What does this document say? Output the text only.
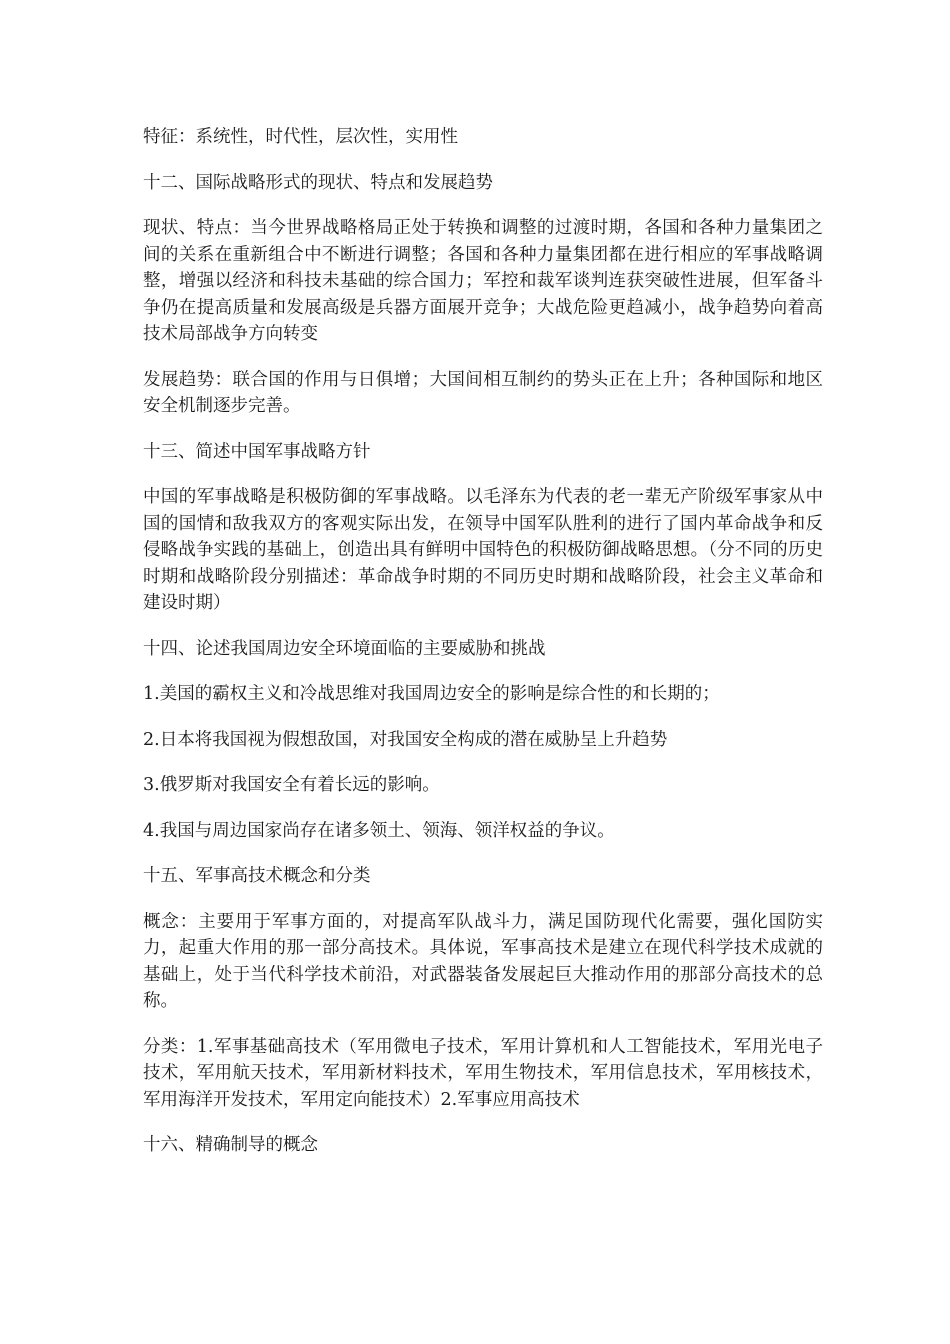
特征：系统性，时代性，层次性，实用性

十二、国际战略形式的现状、特点和发展趋势

现状、特点：当今世界战略格局正处于转换和调整的过渡时期，各国和各种力量集团之间的关系在重新组合中不断进行调整；各国和各种力量集团都在进行相应的军事战略调整，增强以经济和科技未基础的综合国力；军控和裁军谈判连获突破性进展，但军备斗争仍在提高质量和发展高级是兵器方面展开竞争；大战危险更趋减小，战争趋势向着高技术局部战争方向转变

发展趋势：联合国的作用与日俱增；大国间相互制约的势头正在上升；各种国际和地区安全机制逐步完善。

十三、简述中国军事战略方针

中国的军事战略是积极防御的军事战略。以毛泽东为代表的老一辈无产阶级军事家从中国的国情和敌我双方的客观实际出发，在领导中国军队胜利的进行了国内革命战争和反侵略战争实践的基础上，创造出具有鲜明中国特色的积极防御战略思想。（分不同的历史时期和战略阶段分别描述：革命战争时期的不同历史时期和战略阶段，社会主义革命和建设时期）

十四、论述我国周边安全环境面临的主要威胁和挑战

1.美国的霸权主义和冷战思维对我国周边安全的影响是综合性的和长期的；

2.日本将我国视为假想敌国，对我国安全构成的潜在威胁呈上升趋势

3.俄罗斯对我国安全有着长远的影响。

4.我国与周边国家尚存在诸多领土、领海、领洋权益的争议。

十五、军事高技术概念和分类

概念：主要用于军事方面的，对提高军队战斗力，满足国防现代化需要，强化国防实力，起重大作用的那一部分高技术。具体说，军事高技术是建立在现代科学技术成就的基础上，处于当代科学技术前沿，对武器装备发展起巨大推动作用的那部分高技术的总称。

分类：1.军事基础高技术（军用微电子技术，军用计算机和人工智能技术，军用光电子技术，军用航天技术，军用新材料技术，军用生物技术，军用信息技术，军用核技术，军用海洋开发技术，军用定向能技术）2.军事应用高技术

十六、精确制导的概念
